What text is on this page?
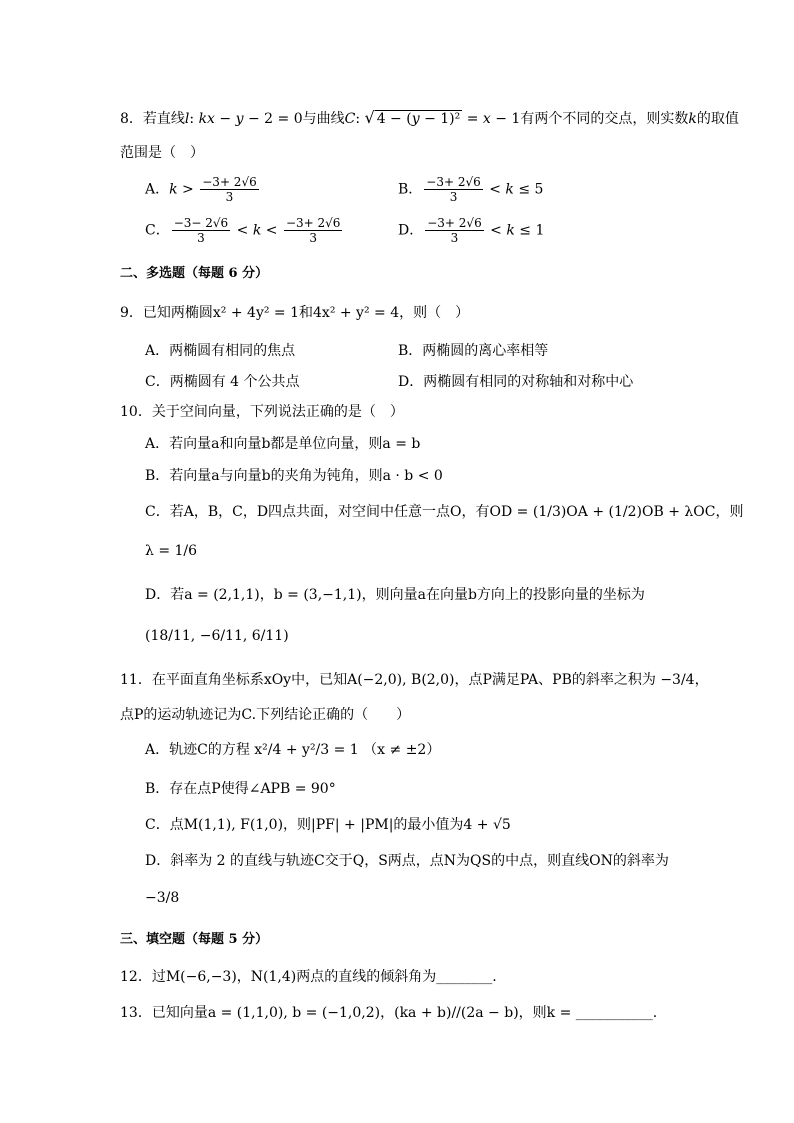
8．若直线l: kx − y − 2 = 0与曲线C: √ 4 − (y − 1)² = x − 1有两个不同的交点，则实数k的取值
范围是（　）
A．$k > \frac{-3+ 2√6}{3}$	B． $\frac{-3+ 2√6}{3} < k \le 5$
C． $\frac{-3- 2√6}{3} < k < \frac{-3+ 2√6}{3}$	D． $\frac{-3+ 2√6}{3} < k \le 1$
二、多选题（每题 6 分）
9．已知两椭圆x² + 4y² = 1和4x² + y² = 4，则（　）
A．两椭圆有相同的焦点	B．两椭圆的离心率相等
C．两椭圆有 4 个公共点	D．两椭圆有相同的对称轴和对称中心
10．关于空间向量，下列说法正确的是（　）
A．若向量a和向量b都是单位向量，则a = b
B．若向量a与向量b的夹角为钝角，则a · b < 0
C．若A，B，C，D四点共面，对空间中任意一点O，有OD = (1/3)OA + (1/2)OB + λOC，则
λ = 1/6
D．若a = (2,1,1)，b = (3,−1,1)，则向量a在向量b方向上的投影向量的坐标为
(18/11, −6/11, 6/11)
11．在平面直角坐标系xOy中，已知A(−2,0), B(2,0)，点P满足PA、PB的斜率之积为 −3/4，
点P的运动轨迹记为C.下列结论正确的（　　）
A．轨迹C的方程 x²/4 + y²/3 = 1 （x ≠ ±2）
B．存在点P使得∠APB = 90°
C．点M(1,1), F(1,0)，则|PF| + |PM|的最小值为4 + √5
D．斜率为 2 的直线与轨迹C交于Q，S两点，点N为QS的中点，则直线ON的斜率为
−3/8
三、填空题（每题 5 分）
12．过M(−6,−3)，N(1,4)两点的直线的倾斜角为________.
13．已知向量a = (1,1,0), b = (−1,0,2)，(ka + b)//(2a − b)，则k = ___________.
